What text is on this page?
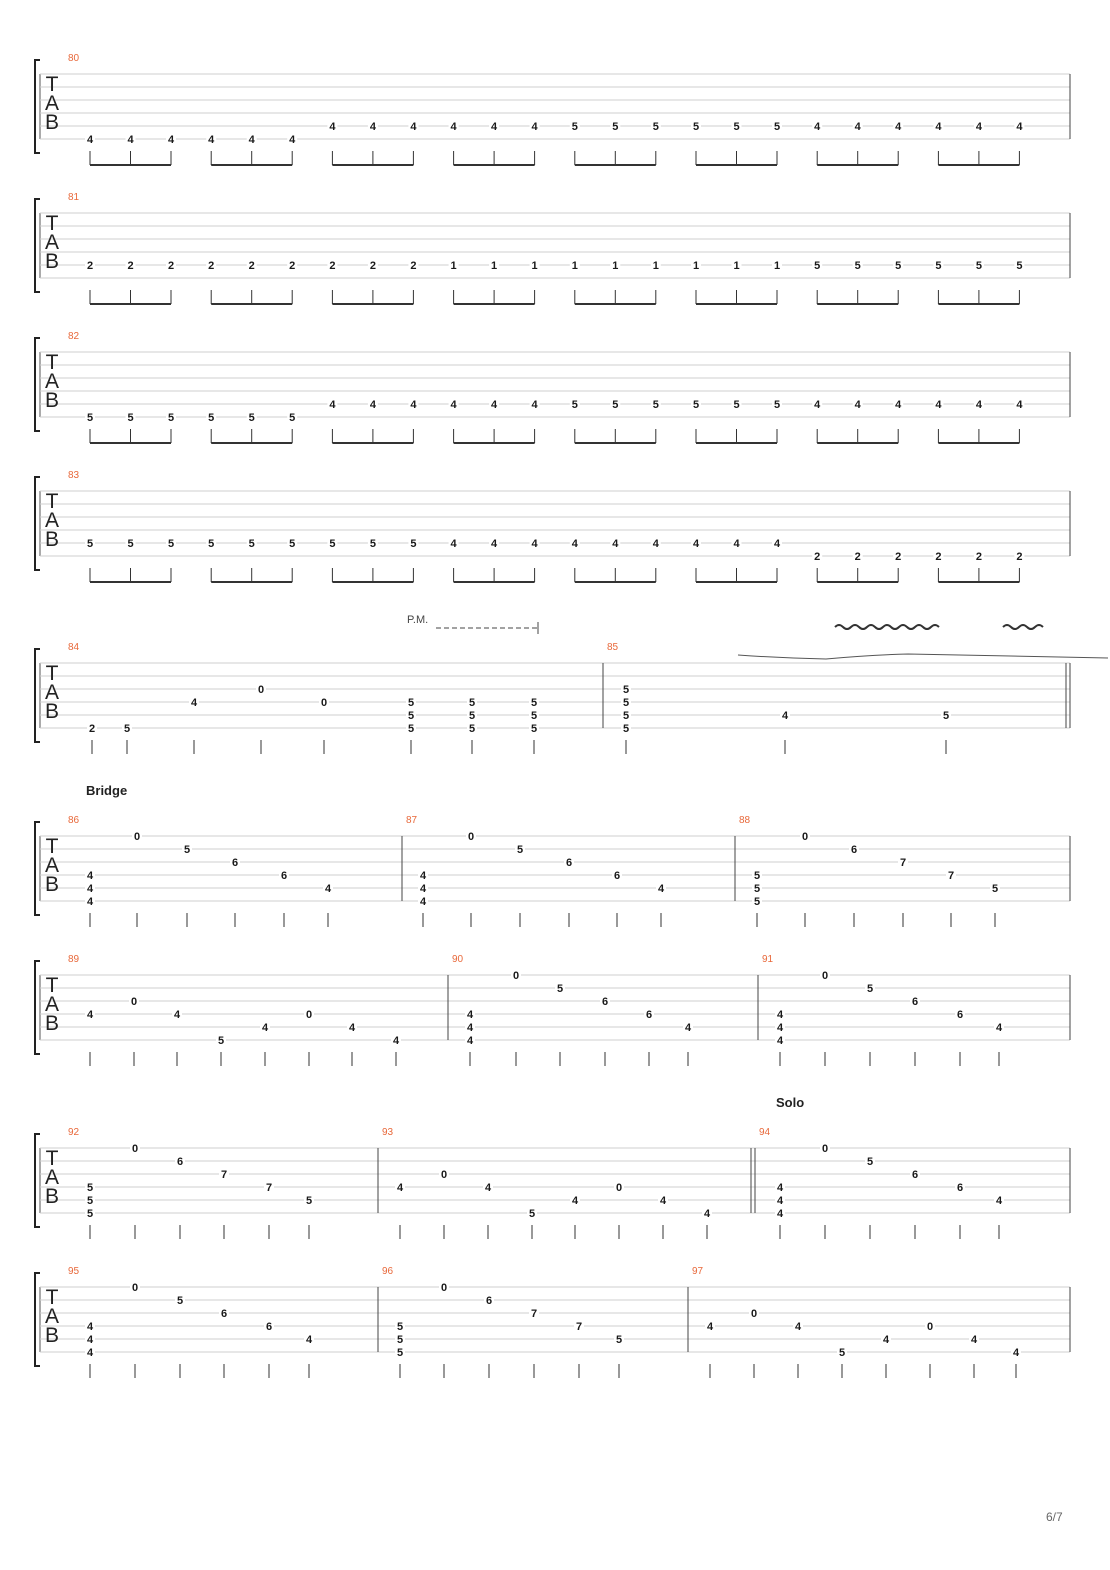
T
A
B
80
4	4	4	4	4	4
4	4	4	4	4	4	5	5	5	5	5	5	4	4	4	4	4	4
T
A
B
81
2	2	2	2	2	2	2	2	2	1	1	1	1	1	1	1	1	1	5	5	5	5	5	5
T
A
B
82
5	5	5	5	5	5
4	4	4	4	4	4	5	5	5	5	5	5	4	4	4	4	4	4
T
A
B
83
5	5	5	5	5	5	5	5	5	4	4	4	4	4	4	4	4	4
2	2	2	2	2	2
T
A
B
84
2	5
4
0
0	5
5
5
5
5
5
5
5
5
85
5
5
5
5
4	5
T
A
B
86
4
4
4
0
5
6
6
4
87
4
4
4
0
5
6
6
4
88
5
5
5
0
6
7
7
5
T
A
B
89
4
0
4
5
4
0
4
4
90
4
4
4
0
5
6
6
4
91
4
4
4
0
5
6
6
4
T
A
B
92
5
5
5
0
6
7
7
5
93
4
0
4
5
4
0
4
4
94
4
4
4
0
5
6
6
4
T
A
B
95
4
4
4
0
5
6
6
4
96
5
5
5
0
6
7
7
5
97
4
0
4
5
4
0
4
4
P.M.
Bridge
Solo
6/7
